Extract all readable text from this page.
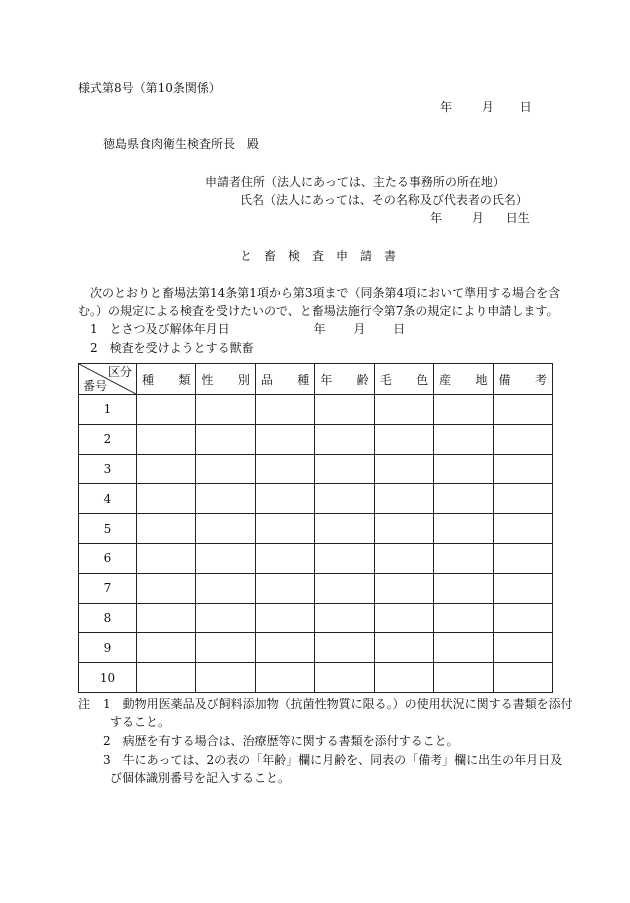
様式第8号（第10条関係）
年 月 日
徳島県食肉衛生検査所長　殿
申請者住所（法人にあっては、主たる事務所の所在地）
氏名（法人にあっては、その名称及び代表者の氏名）
年 月 日生
と　畜　検　査　申　請　書
次のとおりと畜場法第14条第1項から第3項まで（同条第4項において準用する場合を含
む。）の規定による検査を受けたいので、と畜場法施行令第7条の規定により申請します。
1　とさつ及び解体年月日	年 月 日
2　検査を受けようとする獣畜
区分
番号	種 類	性 別	品 種	年 齢	毛 色	産 地	備 考

1							
2							
3							
4							
5							
6							
7							
8							
9							
10							
注 1　動物用医薬品及び飼料添加物（抗菌性物質に限る。）の使用状況に関する書類を添付
すること。
2　病歴を有する場合は、治療歴等に関する書類を添付すること。
3　牛にあっては、2の表の「年齢」欄に月齢を、同表の「備考」欄に出生の年月日及
び個体識別番号を記入すること。
